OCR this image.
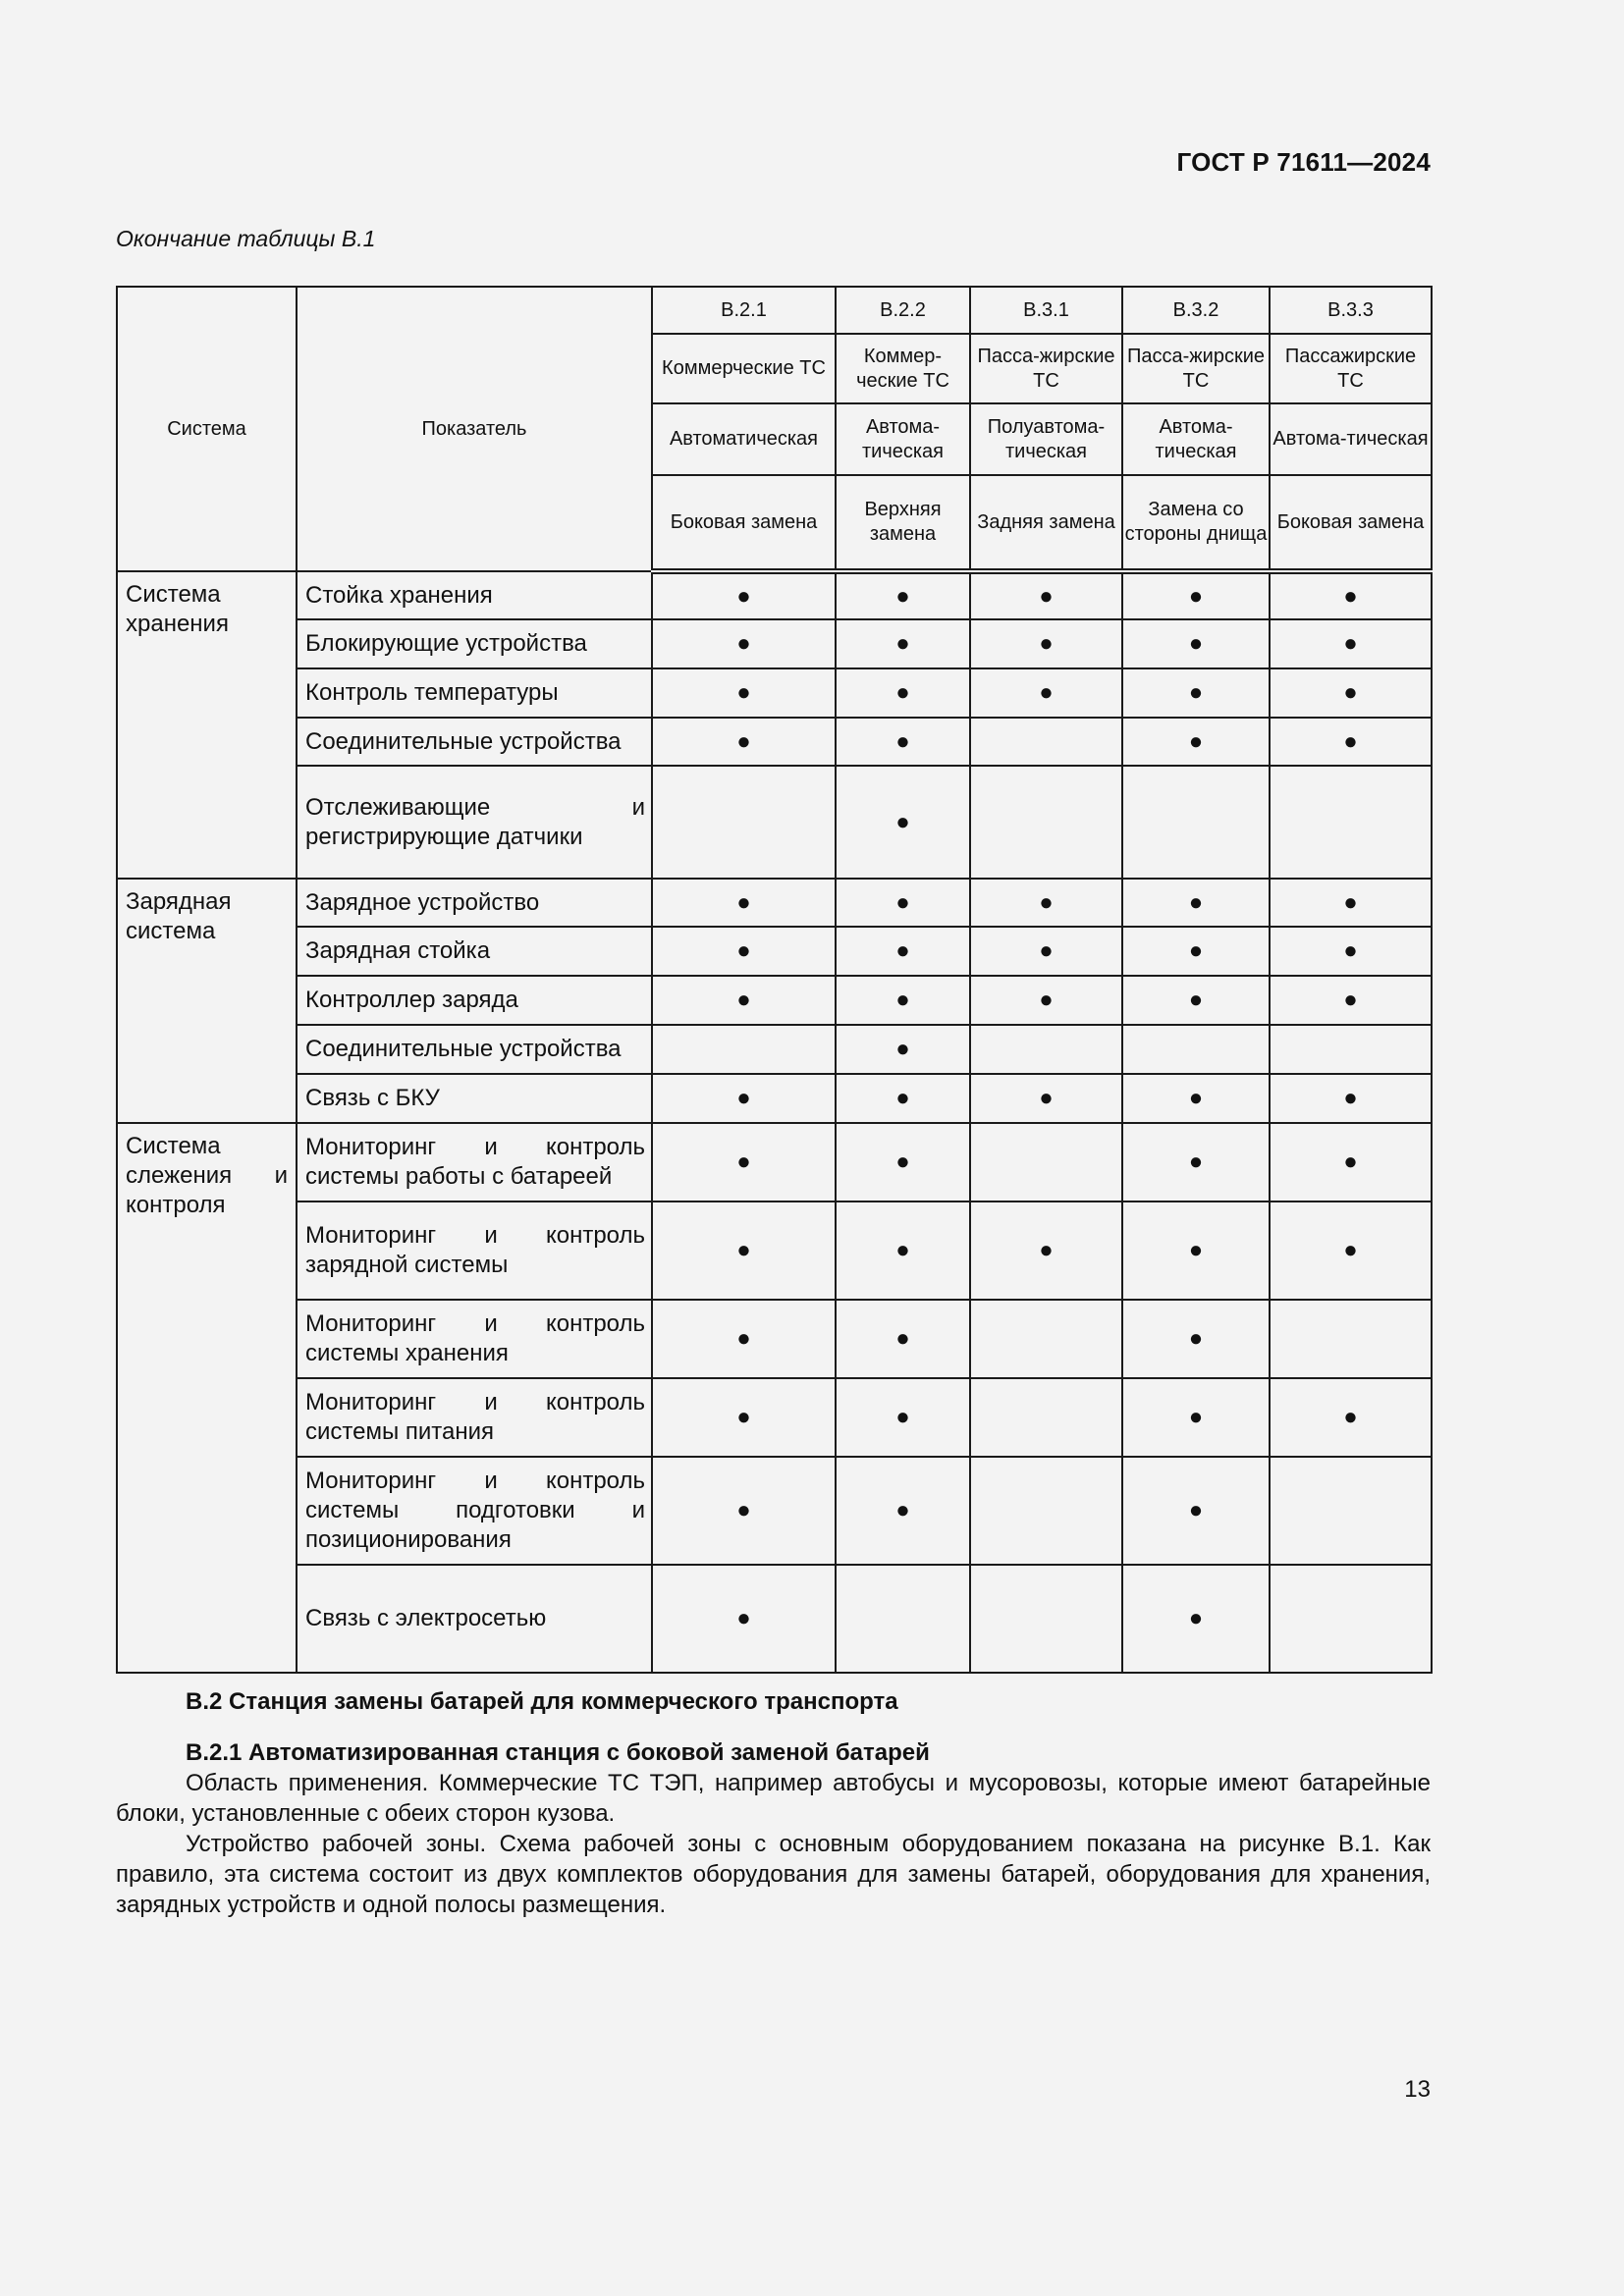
ГОСТ Р 71611—2024
Окончание таблицы В.1
Система	Показатель	В.2.1	В.2.2	В.3.1	В.3.2	В.3.3
		Коммерческие ТС	Коммер-ческие ТС	Пасса-жирские ТС	Пасса-жирские ТС	Пассажирские ТС
		Автоматическая	Автома-тическая	Полуавтома-тическая	Автома-тическая	Автома-тическая
		Боковая замена	Верхняя замена	Задняя замена	Замена со стороны днища	Боковая замена
Система хранения	Стойка хранения	●	●	●	●	●
	Блокирующие устройства	●	●	●	●	●
	Контроль температуры	●	●	●	●	●
	Соединительные устройства	●	●		●	●
	Отслеживающие и регистрирующие датчики		●			
Зарядная система	Зарядное устройство	●	●	●	●	●
	Зарядная стойка	●	●	●	●	●
	Контроллер заряда	●	●	●	●	●
	Соединительные устройства		●			
	Связь с БКУ	●	●	●	●	●
Система слежения и контроля	Мониторинг и контроль системы работы с батареей	●	●		●	●
	Мониторинг и контроль зарядной системы	●	●	●	●	●
	Мониторинг и контроль системы хранения	●	●		●	
	Мониторинг и контроль системы питания	●	●		●	●
	Мониторинг и контроль системы подготовки и позиционирования	●	●		●	
	Связь с электросетью	●			●	
В.2 Станция замены батарей для коммерческого транспорта
В.2.1 Автоматизированная станция с боковой заменой батарей

Область применения. Коммерческие ТС ТЭП, например автобусы и мусоровозы, которые имеют батарейные блоки, установленные с обеих сторон кузова.

Устройство рабочей зоны. Схема рабочей зоны с основным оборудованием показана на рисунке В.1. Как правило, эта система состоит из двух комплектов оборудования для замены батарей, оборудования для хранения, зарядных устройств и одной полосы размещения.

13
